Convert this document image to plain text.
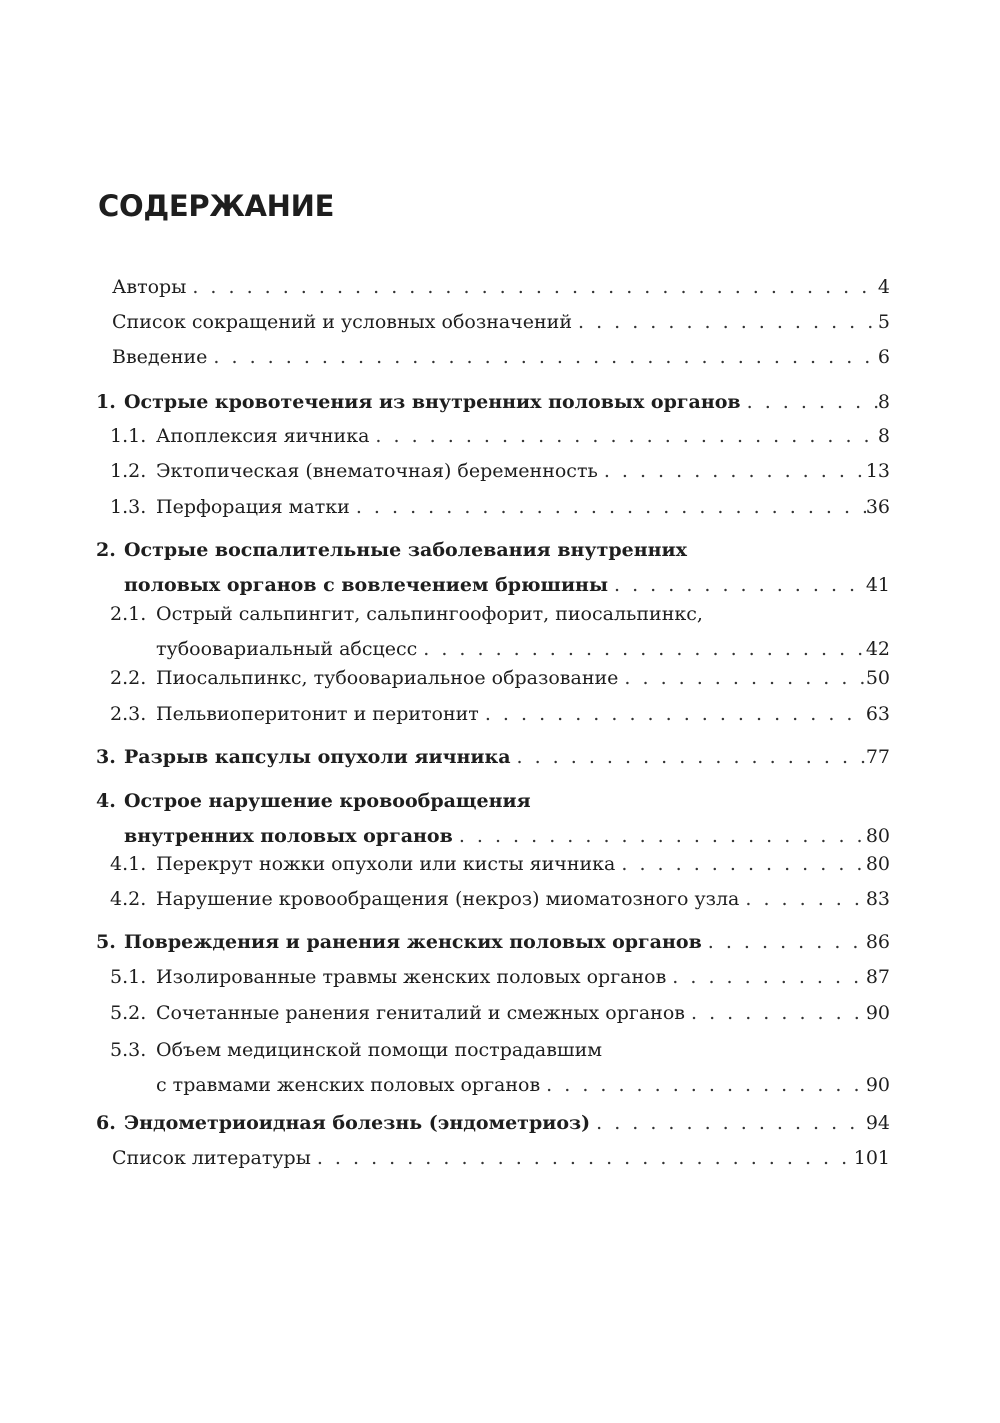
СОДЕРЖАНИЕ
Авторы . . .	4
Список сокращений и условных обозначений . . .	5
Введение . . .	6
1. Острые кровотечения из внутренних половых органов . . .	8
1.1. Апоплексия яичника . . .	8
1.2. Эктопическая (внематочная) беременность . . .	13
1.3. Перфорация матки . . .	36
2. Острые воспалительные заболевания внутренних
половых органов с вовлечением брюшины . . .	41
2.1. Острый сальпингит, сальпингоофорит, пиосальпинкс,
тубоовариальный абсцесс . . .	42
2.2. Пиосальпинкс, тубоовариальное образование . . .	50
2.3. Пельвиоперитонит и перитонит . . .	63
3. Разрыв капсулы опухоли яичника . . .	77
4. Острое нарушение кровообращения
внутренних половых органов . . .	80
4.1. Перекрут ножки опухоли или кисты яичника . . .	80
4.2. Нарушение кровообращения (некроз) миоматозного узла . . .	83
5. Повреждения и ранения женских половых органов . . .	86
5.1. Изолированные травмы женских половых органов . . .	87
5.2. Сочетанные ранения гениталий и смежных органов . . .	90
5.3. Объем медицинской помощи пострадавшим
с травмами женских половых органов . . .	90
6. Эндометриоидная болезнь (эндометриоз) . . .	94
Список литературы . . .	101
